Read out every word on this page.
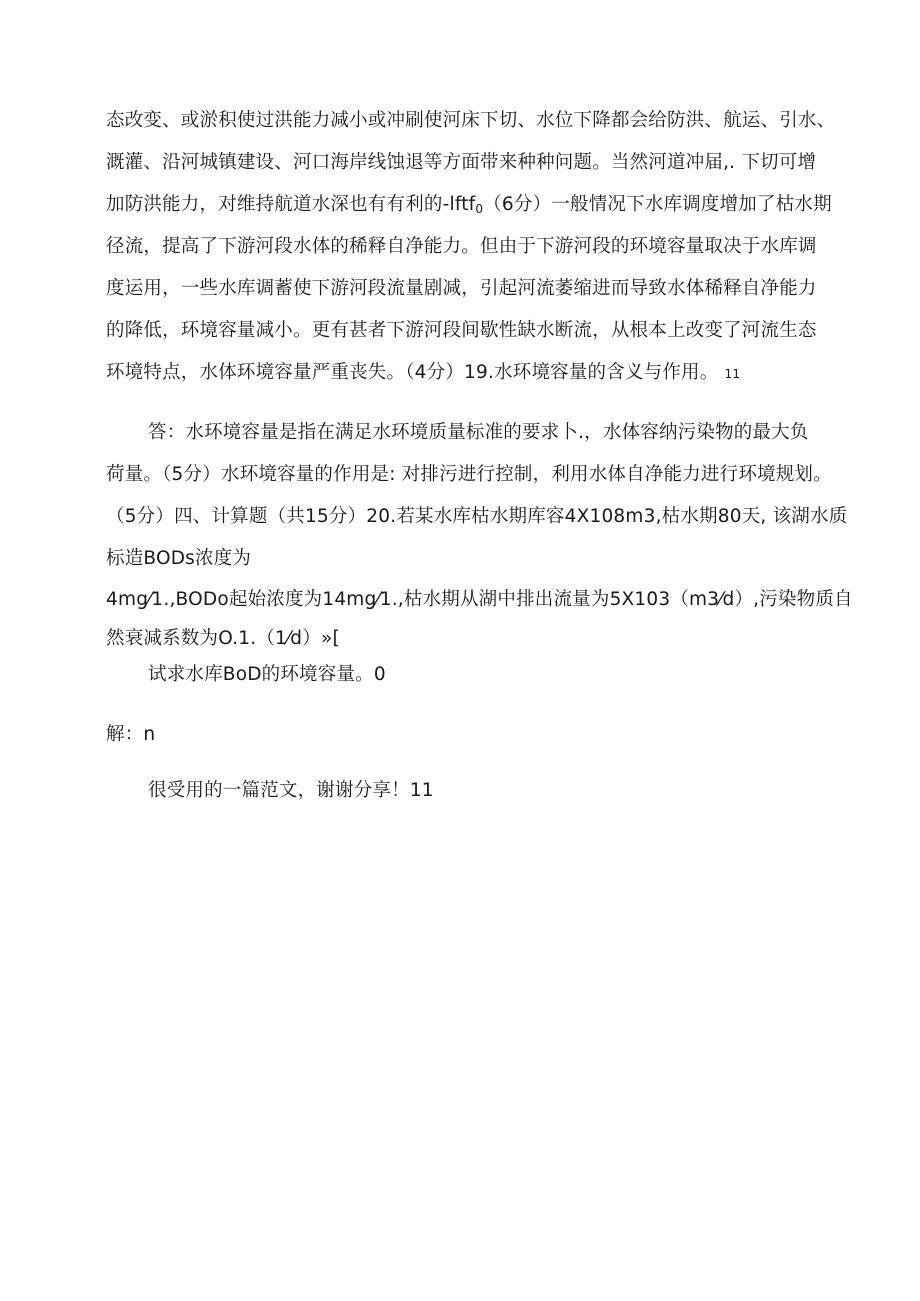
态改变、或淤积使过洪能力减小或冲刷使河床下切、水位下降都会给防洪、航运、引水、
溉灌、沿河城镇建设、河口海岸线蚀退等方面带来种种问题。当然河道冲届,. 下切可增
加防洪能力，对维持航道水深也有有利的-lftf$_0$（6分）一般情况下水库调度增加了枯水期
径流，提高了下游河段水体的稀释自净能力。但由于下游河段的环境容量取决于水库调
度运用，一些水库调蓄使下游河段流量剧减，引起河流萎缩进而导致水体稀释自净能力
的降低，环境容量减小。更有甚者下游河段间歇性缺水断流，从根本上改变了河流生态
环境特点，水体环境容量严重丧失。（4分）19.水环境容量的含义与作用。 11
答：水环境容量是指在满足水环境质量标准的要求卜.，水体容纳污染物的最大负
荷量。（5分）水环境容量的作用是: 对排污进行控制，利用水体自净能力进行环境规划。
（5分）四、计算题（共15分）20.若某水库枯水期库容4X108m3,枯水期80天, 该湖水质
标造BODs浓度为
4mg⁄1.,BODo起始浓度为14mg⁄1.,枯水期从湖中排出流量为5X103（m3⁄d）,污染物质自
然衰减系数为O.1.（1⁄d）»[
试求水库BoD的环境容量。0
解：n
很受用的一篇范文，谢谢分享！11
